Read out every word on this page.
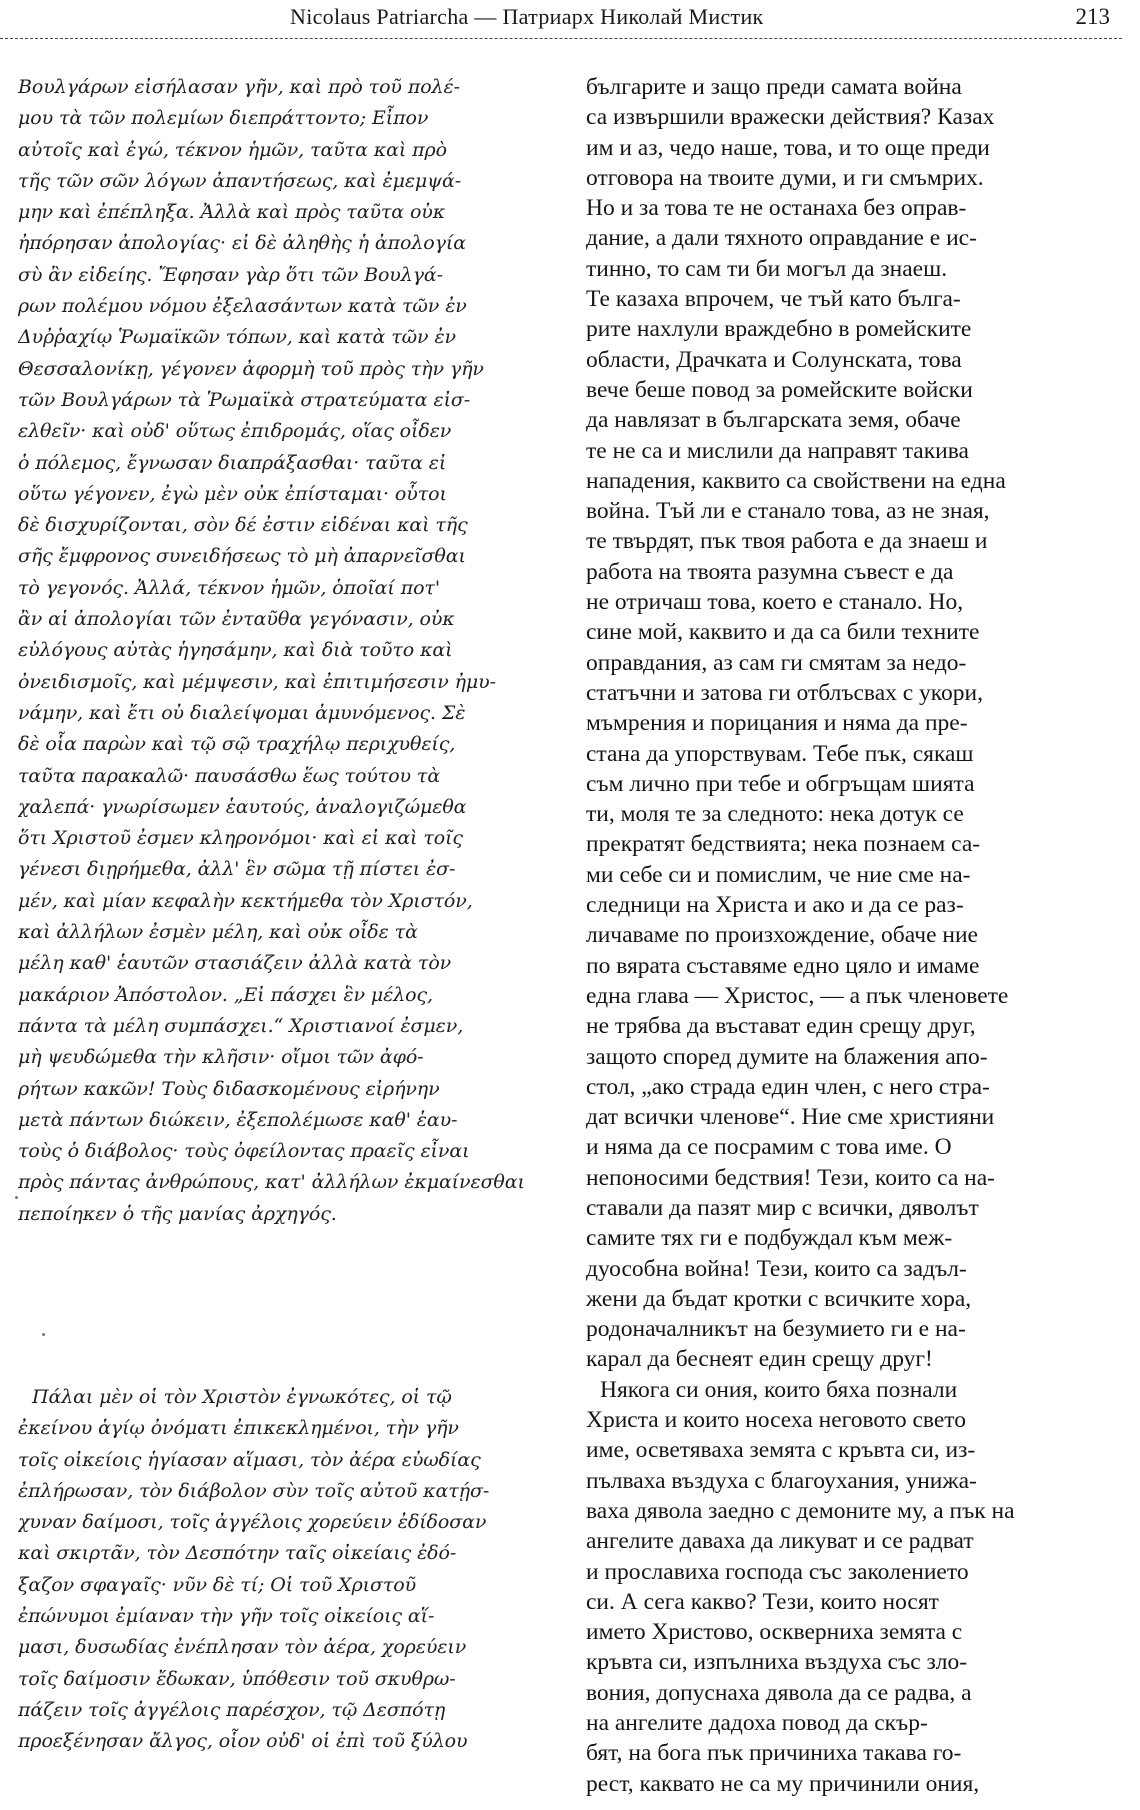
Nicolaus Patriarcha — Патриарх Николай Мистик	213
Βουλγάρων εἰσήλασαν γῆν, καὶ πρὸ τοῦ πολέ-
μου τὰ τῶν πολεμίων διεπράττοντο; Εἶπον
αὐτοῖς καὶ ἐγώ, τέκνον ἡμῶν, ταῦτα καὶ πρὸ
τῆς τῶν σῶν λόγων ἀπαντήσεως, καὶ ἐμεμψά-
μην καὶ ἐπέπληξα. Ἀλλὰ καὶ πρὸς ταῦτα οὐκ
ἠπόρησαν ἀπολογίας· εἰ δὲ ἀληθὴς ἡ ἀπολογία
σὺ ἂν εἰδείης. Ἔφησαν γὰρ ὅτι τῶν Βουλγά-
ρων πολέμου νόμου ἐξελασάντων κατὰ τῶν ἐν
Δυῤῥαχίῳ Ῥωμαϊκῶν τόπων, καὶ κατὰ τῶν ἐν
Θεσσαλονίκῃ, γέγονεν ἀφορμὴ τοῦ πρὸς τὴν γῆν
τῶν Βουλγάρων τὰ Ῥωμαϊκὰ στρατεύματα εἰσ-
ελθεῖν· καὶ οὐδ' οὕτως ἐπιδρομάς, οἵας οἶδεν
ὁ πόλεμος, ἔγνωσαν διαπράξασθαι· ταῦτα εἰ
οὕτω γέγονεν, ἐγὼ μὲν οὐκ ἐπίσταμαι· οὗτοι
δὲ δισχυρίζονται, σὸν δέ ἐστιν εἰδέναι καὶ τῆς
σῆς ἔμφρονος συνειδήσεως τὸ μὴ ἀπαρνεῖσθαι
τὸ γεγονός. Ἀλλά, τέκνον ἡμῶν, ὁποῖαί ποτ'
ἂν αἱ ἀπολογίαι τῶν ἐνταῦθα γεγόνασιν, οὐκ
εὐλόγους αὐτὰς ἡγησάμην, καὶ διὰ τοῦτο καὶ
ὀνειδισμοῖς, καὶ μέμψεσιν, καὶ ἐπιτιμήσεσιν ἠμυ-
νάμην, καὶ ἔτι οὐ διαλείψομαι ἀμυνόμενος. Σὲ
δὲ οἷα παρὼν καὶ τῷ σῷ τραχήλῳ περιχυθείς,
ταῦτα παρακαλῶ· παυσάσθω ἕως τούτου τὰ
χαλεπά· γνωρίσωμεν ἑαυτούς, ἀναλογιζώμεθα
ὅτι Χριστοῦ ἐσμεν κληρονόμοι· καὶ εἰ καὶ τοῖς
γένεσι διῃρήμεθα, ἀλλ' ἓν σῶμα τῇ πίστει ἐσ-
μέν, καὶ μίαν κεφαλὴν κεκτήμεθα τὸν Χριστόν,
καὶ ἀλλήλων ἐσμὲν μέλη, καὶ οὐκ οἶδε τὰ
μέλη καθ' ἑαυτῶν στασιάζειν ἀλλὰ κατὰ τὸν
μακάριον Ἀπόστολον. „Εἰ πάσχει ἓν μέλος,
πάντα τὰ μέλη συμπάσχει.“ Χριστιανοί ἐσμεν,
μὴ ψευδώμεθα τὴν κλῆσιν· οἴμοι τῶν ἀφό-
ρήτων κακῶν! Τοὺς διδασκομένους εἰρήνην
μετὰ πάντων διώκειν, ἐξεπολέμωσε καθ' ἑαυ-
τοὺς ὁ διάβολος· τοὺς ὀφείλοντας πραεῖς εἶναι
πρὸς πάντας ἀνθρώπους, κατ' ἀλλήλων ἐκμαίνεσθαι
πεποίηκεν ὁ τῆς μανίας ἀρχηγός.
Πάλαι μὲν οἱ τὸν Χριστὸν ἐγνωκότες, οἱ τῷ
ἐκείνου ἁγίῳ ὀνόματι ἐπικεκλημένοι, τὴν γῆν
τοῖς οἰκείοις ἡγίασαν αἵμασι, τὸν ἀέρα εὐωδίας
ἐπλήρωσαν, τὸν διάβολον σὺν τοῖς αὐτοῦ κατῄσ-
χυναν δαίμοσι, τοῖς ἀγγέλοις χορεύειν ἐδίδοσαν
καὶ σκιρτᾶν, τὸν Δεσπότην ταῖς οἰκείαις ἐδό-
ξαζον σφαγαῖς· νῦν δὲ τί; Οἱ τοῦ Χριστοῦ
ἐπώνυμοι ἐμίαναν τὴν γῆν τοῖς οἰκείοις αἵ-
μασι, δυσωδίας ἐνέπλησαν τὸν ἀέρα, χορεύειν
τοῖς δαίμοσιν ἔδωκαν, ὑπόθεσιν τοῦ σκυθρω-
πάζειν τοῖς ἀγγέλοις παρέσχον, τῷ Δεσπότῃ
προεξένησαν ἄλγος, οἷον οὐδ' οἱ ἐπὶ τοῦ ξύλου
българите и защо преди самата война
са извършили вражески действия? Казах
им и аз, чедо наше, това, и то още преди
отговора на твоите думи, и ги смъмрих.
Но и за това те не останаха без оправ-
дание, а дали тяхното оправдание е ис-
тинно, то сам ти би могъл да знаеш.
Те казаха впрочем, че тъй като бълга-
рите нахлули враждебно в ромейските
области, Драчката и Солунската, това
вече беше повод за ромейските войски
да навлязат в българската земя, обаче
те не са и мислили да направят такива
нападения, каквито са свойствени на една
война. Тъй ли е станало това, аз не зная,
те твърдят, пък твоя работа е да знаеш и
работа на твоята разумна съвест е да
не отричаш това, което е станало. Но,
сине мой, каквито и да са били техните
оправдания, аз сам ги смятам за недо-
статъчни и затова ги отблъсвах с укори,
мъмрения и порицания и няма да пре-
стана да упорствувам. Тебе пък, сякаш
съм лично при тебе и обгръщам шията
ти, моля те за следното: нека дотук се
прекратят бедствията; нека познаем са-
ми себе си и помислим, че ние сме на-
следници на Христа и ако и да се раз-
личаваме по произхождение, обаче ние
по вярата съставяме едно цяло и имаме
една глава — Христос, — а пък членовете
не трябва да въстават един срещу друг,
защото според думите на блажения апо-
стол, „ако страда един член, с него стра-
дат всички членове“. Ние сме християни
и няма да се посрамим с това име. О
непоносими бедствия! Тези, които са на-
ставали да пазят мир с всички, дяволът
самите тях ги е подбуждал към меж-
дуособна война! Тези, които са задъл-
жени да бъдат кротки с всичките хора,
родоначалникът на безумието ги е на-
карал да беснеят един срещу друг!
Някога си ония, които бяха познали
Христа и които носеха неговото свето
име, осветяваха земята с кръвта си, из-
пълваха въздуха с благоухания, унижа-
ваха дявола заедно с демоните му, а пък на
ангелите даваха да ликуват и се радват
и прославиха господа със заколението
си. А сега какво? Тези, които носят
името Христово, оскверниха земята с
кръвта си, изпълниха въздуха със зло-
вония, допуснаха дявола да се радва, а
на ангелите дадоха повод да скър-
бят, на бога пък причиниха такава го-
рест, каквато не са му причинили ония,
